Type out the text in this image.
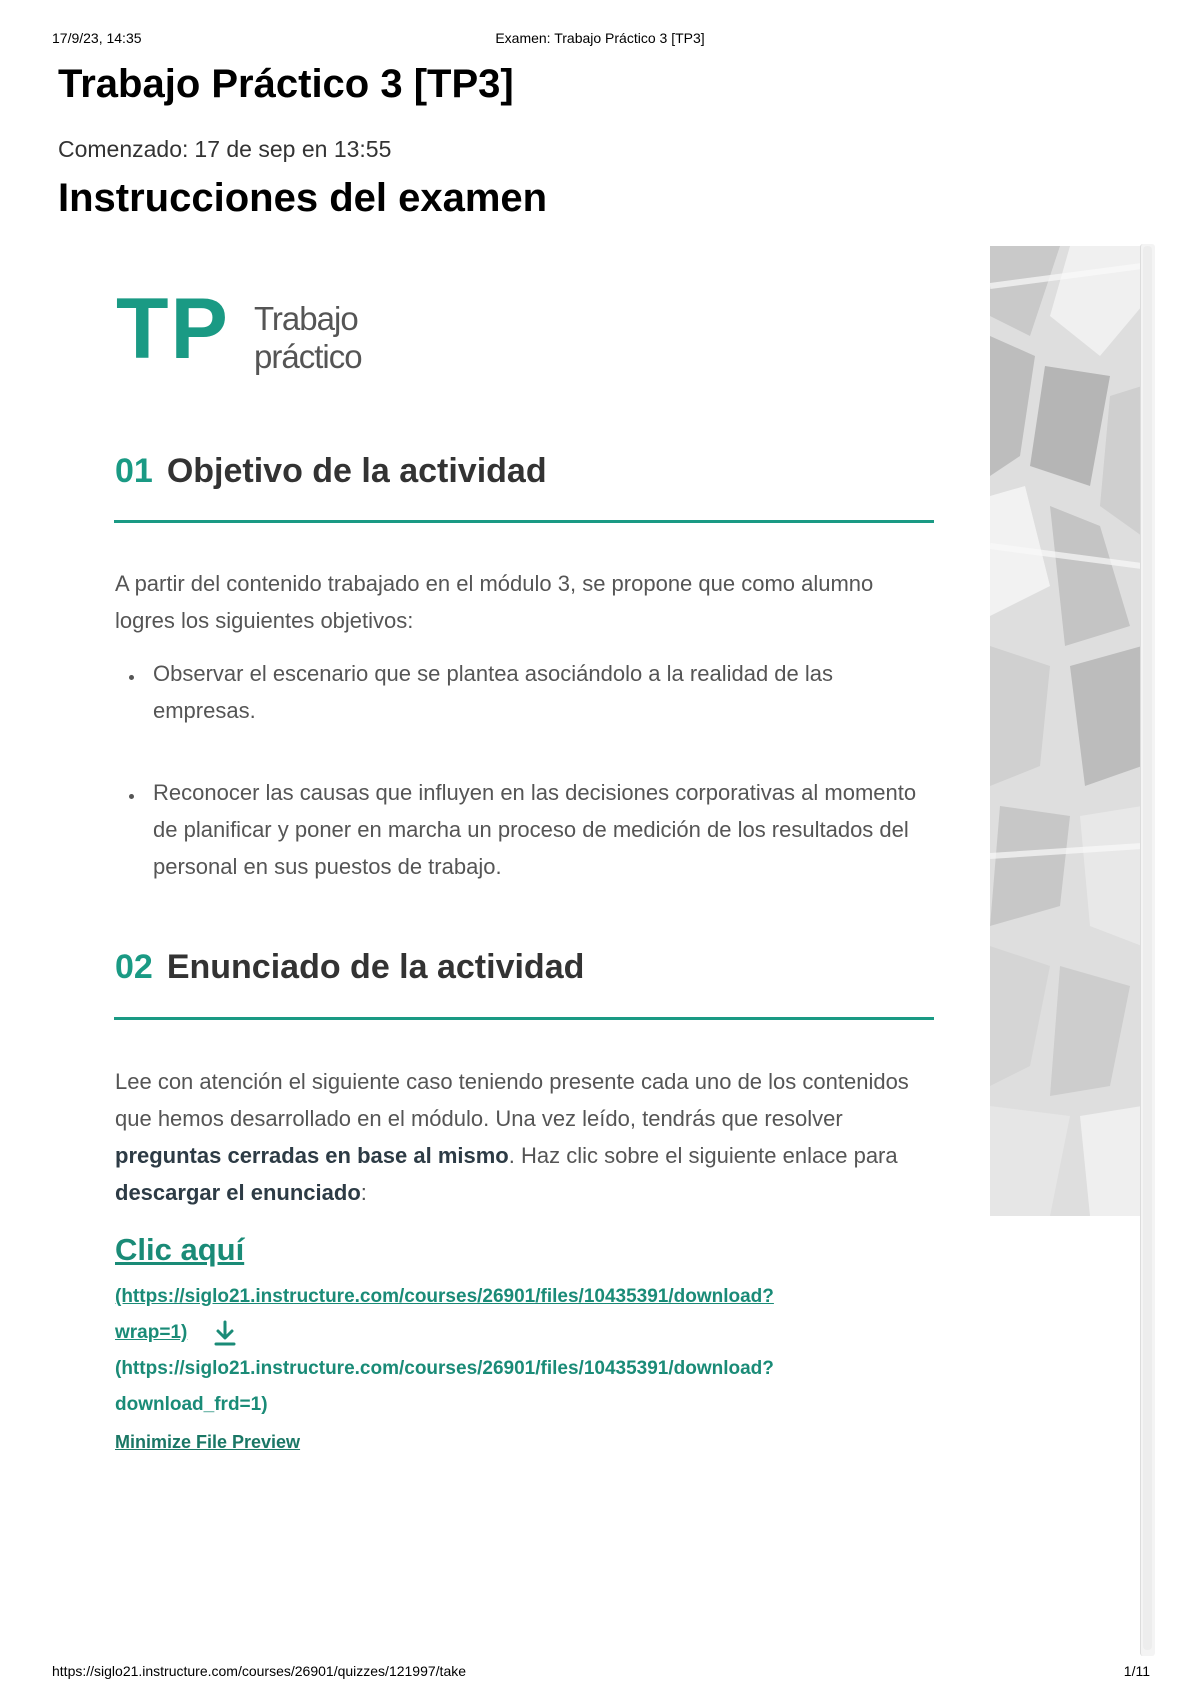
17/9/23, 14:35	Examen: Trabajo Práctico 3 [TP3]
Trabajo Práctico 3 [TP3]
Comenzado: 17 de sep en 13:55
Instrucciones del examen
TP Trabajo
práctico
01 Objetivo de la actividad

A partir del contenido trabajado en el módulo 3, se propone que como alumno logres los siguientes objetivos:

Observar el escenario que se plantea asociándolo a la realidad de las empresas.

Reconocer las causas que influyen en las decisiones corporativas al momento de planificar y poner en marcha un proceso de medición de los resultados del personal en sus puestos de trabajo.

02 Enunciado de la actividad

Lee con atención el siguiente caso teniendo presente cada uno de los contenidos que hemos desarrollado en el módulo. Una vez leído, tendrás que resolver preguntas cerradas en base al mismo. Haz clic sobre el siguiente enlace para descargar el enunciado:

Clic aquí
(https://siglo21.instructure.com/courses/26901/files/10435391/download?
wrap=1)
(https://siglo21.instructure.com/courses/26901/files/10435391/download?
download_frd=1)
Minimize File Preview
https://siglo21.instructure.com/courses/26901/quizzes/121997/take	1/11
